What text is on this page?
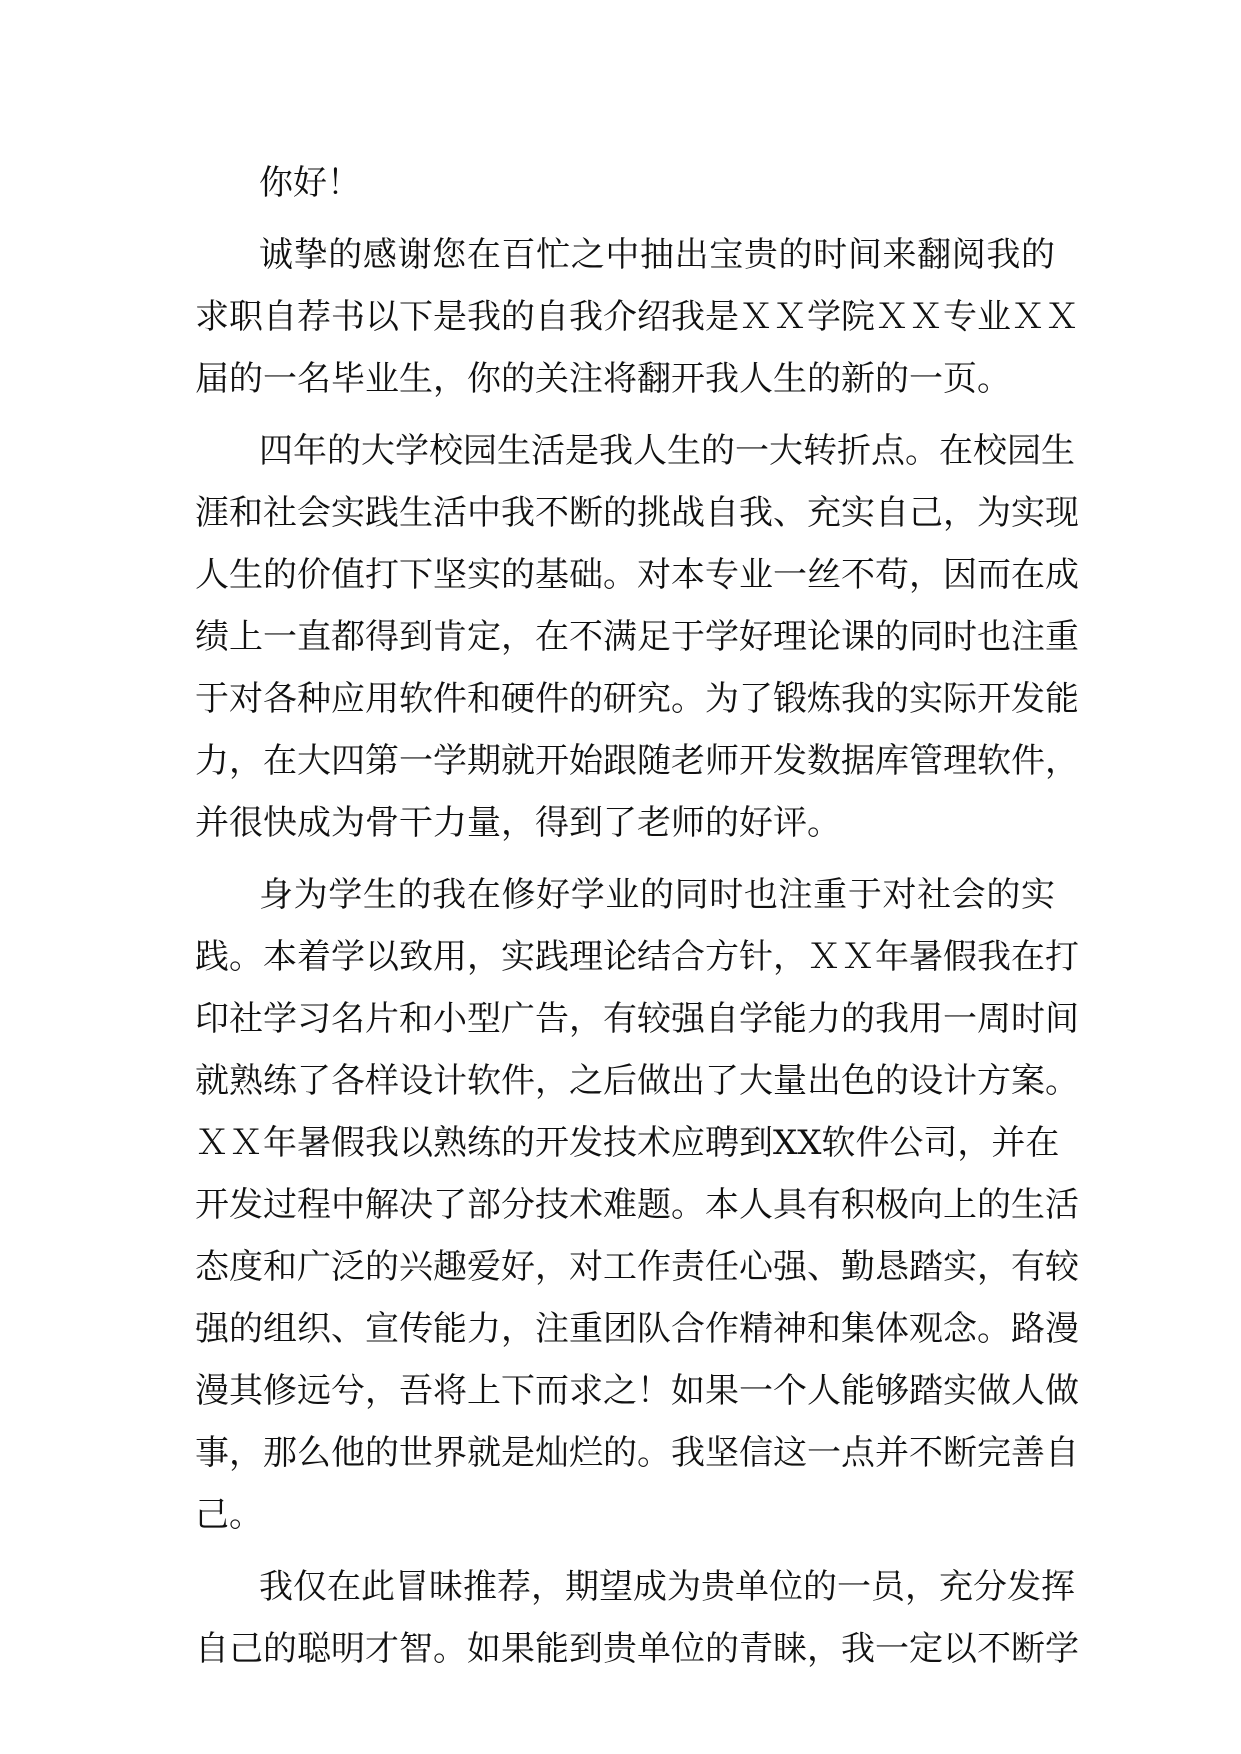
你好！
诚挚的感谢您在百忙之中抽出宝贵的时间来翻阅我的
求职自荐书以下是我的自我介绍我是ＸＸ学院ＸＸ专业ＸＸ
届的一名毕业生，你的关注将翻开我人生的新的一页。
四年的大学校园生活是我人生的一大转折点。在校园生
涯和社会实践生活中我不断的挑战自我、充实自己，为实现
人生的价值打下坚实的基础。对本专业一丝不苟，因而在成
绩上一直都得到肯定，在不满足于学好理论课的同时也注重
于对各种应用软件和硬件的研究。为了锻炼我的实际开发能
力，在大四第一学期就开始跟随老师开发数据库管理软件，
并很快成为骨干力量，得到了老师的好评。
身为学生的我在修好学业的同时也注重于对社会的实
践。本着学以致用，实践理论结合方针，ＸＸ年暑假我在打
印社学习名片和小型广告，有较强自学能力的我用一周时间
就熟练了各样设计软件，之后做出了大量出色的设计方案。
ＸＸ年暑假我以熟练的开发技术应聘到XX软件公司，并在
开发过程中解决了部分技术难题。本人具有积极向上的生活
态度和广泛的兴趣爱好，对工作责任心强、勤恳踏实，有较
强的组织、宣传能力，注重团队合作精神和集体观念。路漫
漫其修远兮，吾将上下而求之！如果一个人能够踏实做人做
事，那么他的世界就是灿烂的。我坚信这一点并不断完善自
己。
我仅在此冒昧推荐，期望成为贵单位的一员，充分发挥
自己的聪明才智。如果能到贵单位的青睐，我一定以不断学
